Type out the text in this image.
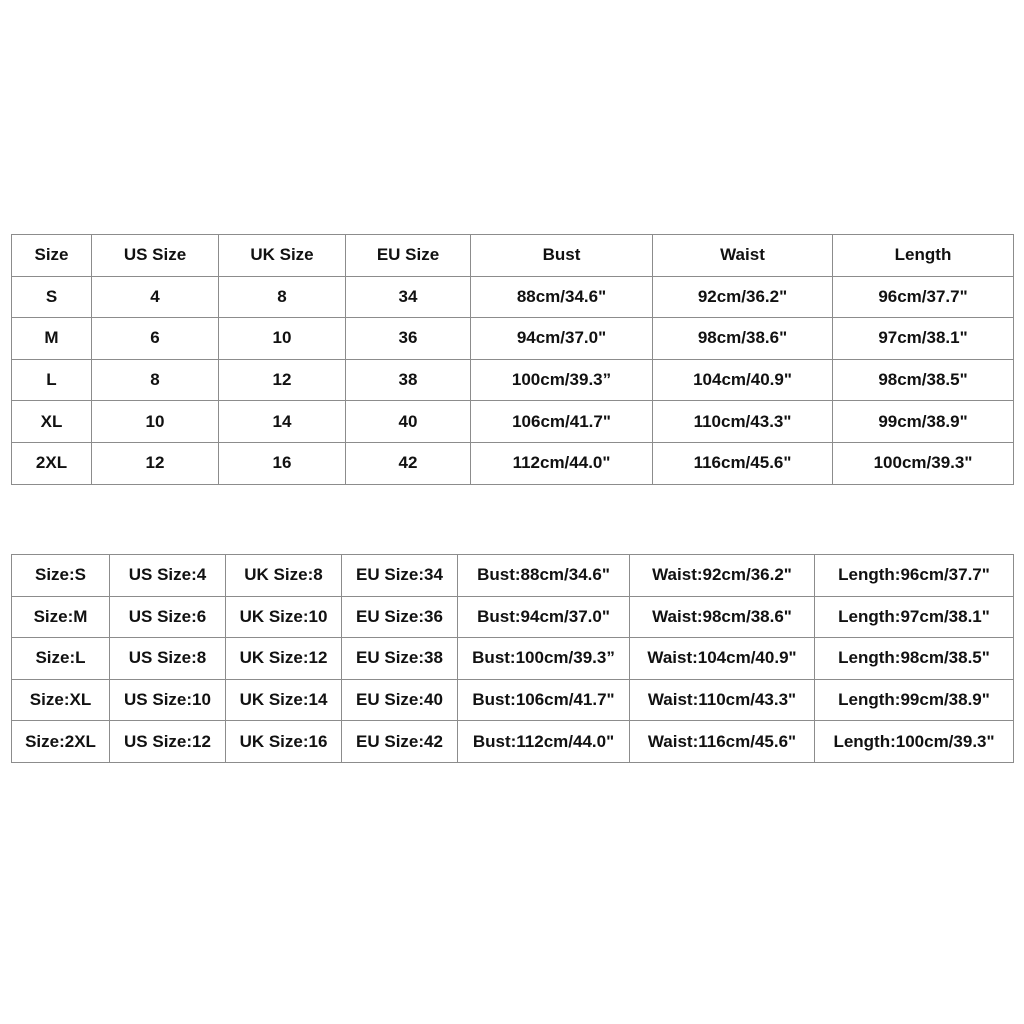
Size	US Size	UK Size	EU Size	Bust	Waist	Length
S	4	8	34	88cm/34.6"	92cm/36.2"	96cm/37.7"
M	6	10	36	94cm/37.0"	98cm/38.6"	97cm/38.1"
L	8	12	38	100cm/39.3”	104cm/40.9"	98cm/38.5"
XL	10	14	40	106cm/41.7"	110cm/43.3"	99cm/38.9"
2XL	12	16	42	112cm/44.0"	116cm/45.6"	100cm/39.3"
Size:S	US Size:4	UK Size:8	EU Size:34	Bust:88cm/34.6"	Waist:92cm/36.2"	Length:96cm/37.7"
Size:M	US Size:6	UK Size:10	EU Size:36	Bust:94cm/37.0"	Waist:98cm/38.6"	Length:97cm/38.1"
Size:L	US Size:8	UK Size:12	EU Size:38	Bust:100cm/39.3”	Waist:104cm/40.9"	Length:98cm/38.5"
Size:XL	US Size:10	UK Size:14	EU Size:40	Bust:106cm/41.7"	Waist:110cm/43.3"	Length:99cm/38.9"
Size:2XL	US Size:12	UK Size:16	EU Size:42	Bust:112cm/44.0"	Waist:116cm/45.6"	Length:100cm/39.3"
